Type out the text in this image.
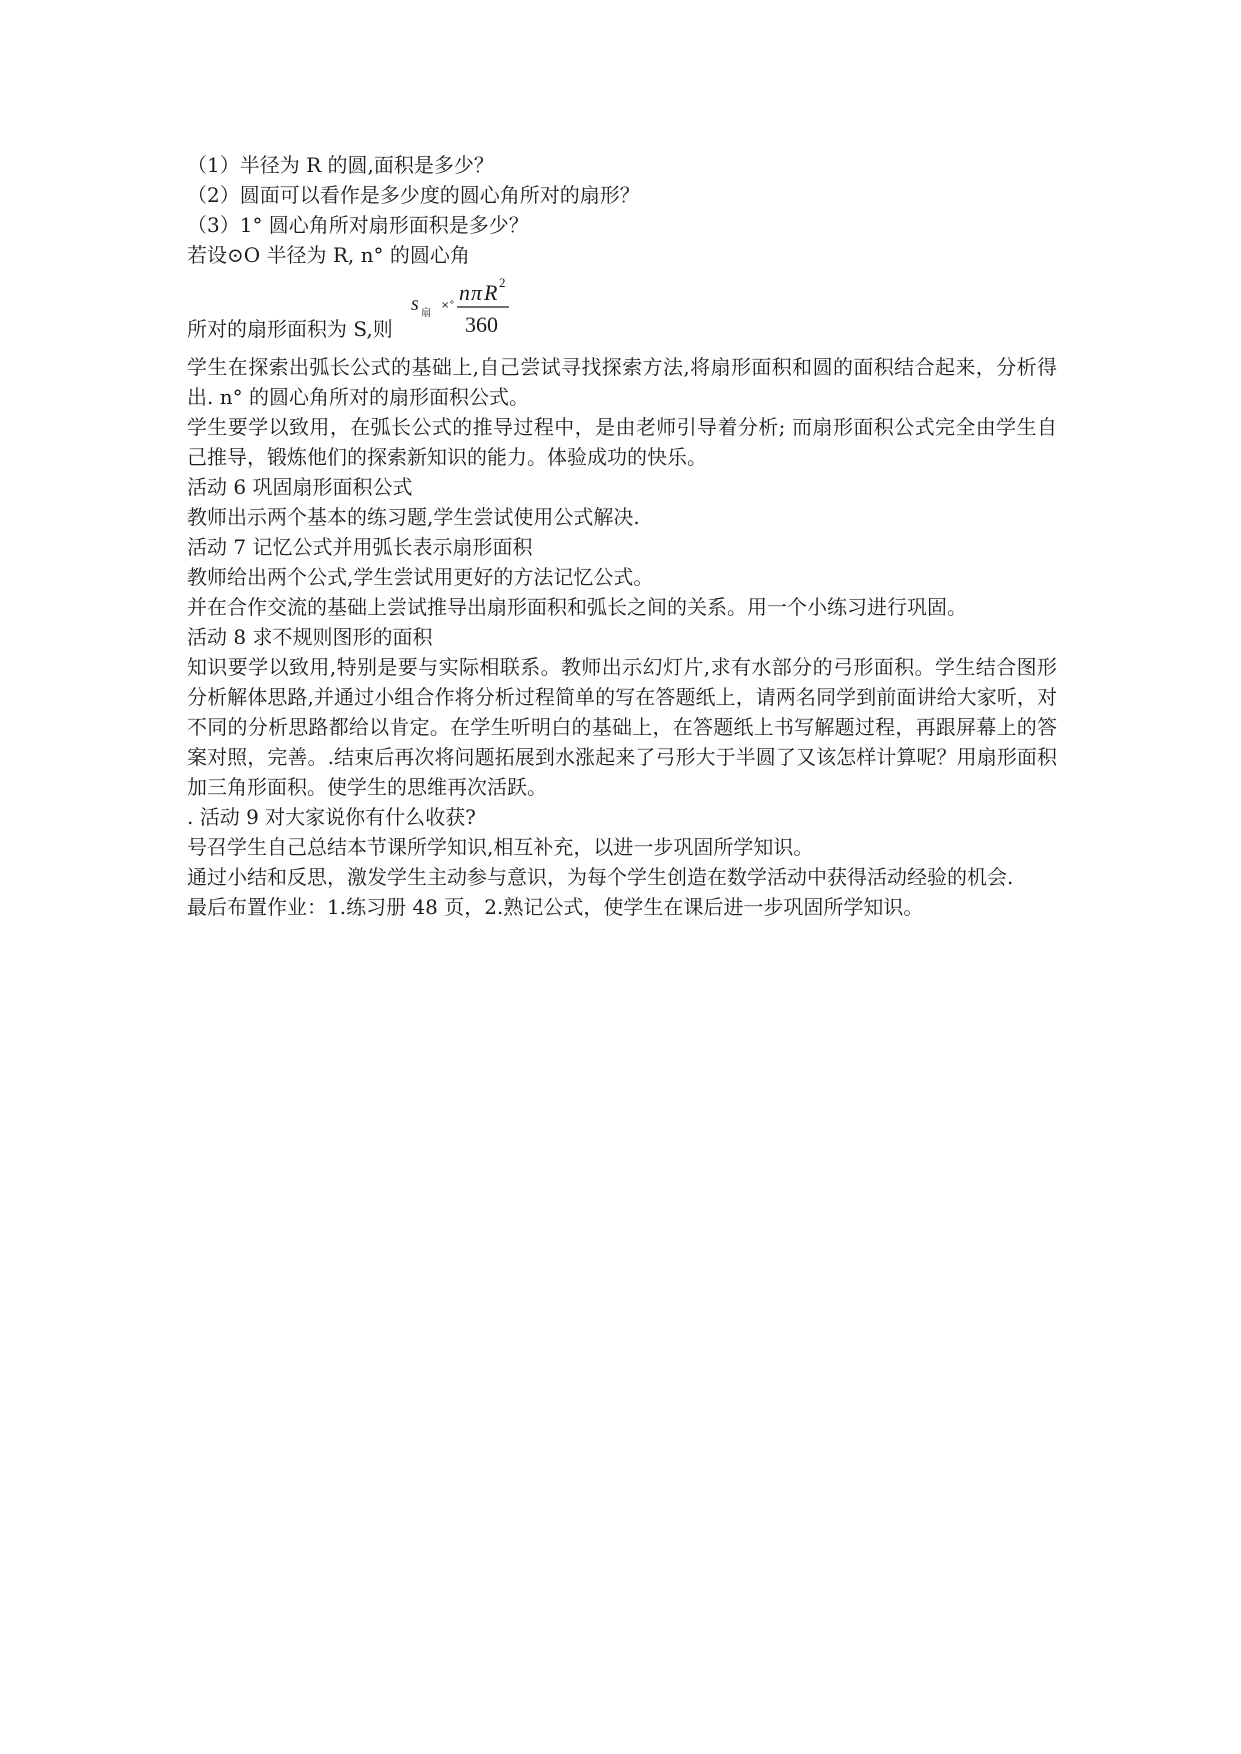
（1）半径为 R 的圆,面积是多少？
（2）圆面可以看作是多少度的圆心角所对的扇形？
（3）1° 圆心角所对扇形面积是多少？
若设⊙O 半径为 R, n° 的圆心角
所对的扇形面积为 S,则
s 扇
×°
n π R 2
360

学生在探索出弧长公式的基础上,自己尝试寻找探索方法,将扇形面积和圆的面积结合起来，分析得出. n° 的圆心角所对的扇形面积公式。

学生要学以致用，在弧长公式的推导过程中，是由老师引导着分析; 而扇形面积公式完全由学生自己推导，锻炼他们的探索新知识的能力。体验成功的快乐。

活动 6 巩固扇形面积公式

教师出示两个基本的练习题,学生尝试使用公式解决.

活动 7 记忆公式并用弧长表示扇形面积

教师给出两个公式,学生尝试用更好的方法记忆公式。

并在合作交流的基础上尝试推导出扇形面积和弧长之间的关系。用一个小练习进行巩固。

活动 8 求不规则图形的面积

知识要学以致用,特别是要与实际相联系。教师出示幻灯片,求有水部分的弓形面积。学生结合图形分析解体思路,并通过小组合作将分析过程简单的写在答题纸上，请两名同学到前面讲给大家听，对不同的分析思路都给以肯定。在学生听明白的基础上，在答题纸上书写解题过程，再跟屏幕上的答案对照，完善。.结束后再次将问题拓展到水涨起来了弓形大于半圆了又该怎样计算呢？用扇形面积加三角形面积。使学生的思维再次活跃。

. 活动 9 对大家说你有什么收获?

号召学生自己总结本节课所学知识,相互补充，以进一步巩固所学知识。

通过小结和反思，激发学生主动参与意识，为每个学生创造在数学活动中获得活动经验的机会.

最后布置作业：1.练习册 48 页，2.熟记公式，使学生在课后进一步巩固所学知识。
